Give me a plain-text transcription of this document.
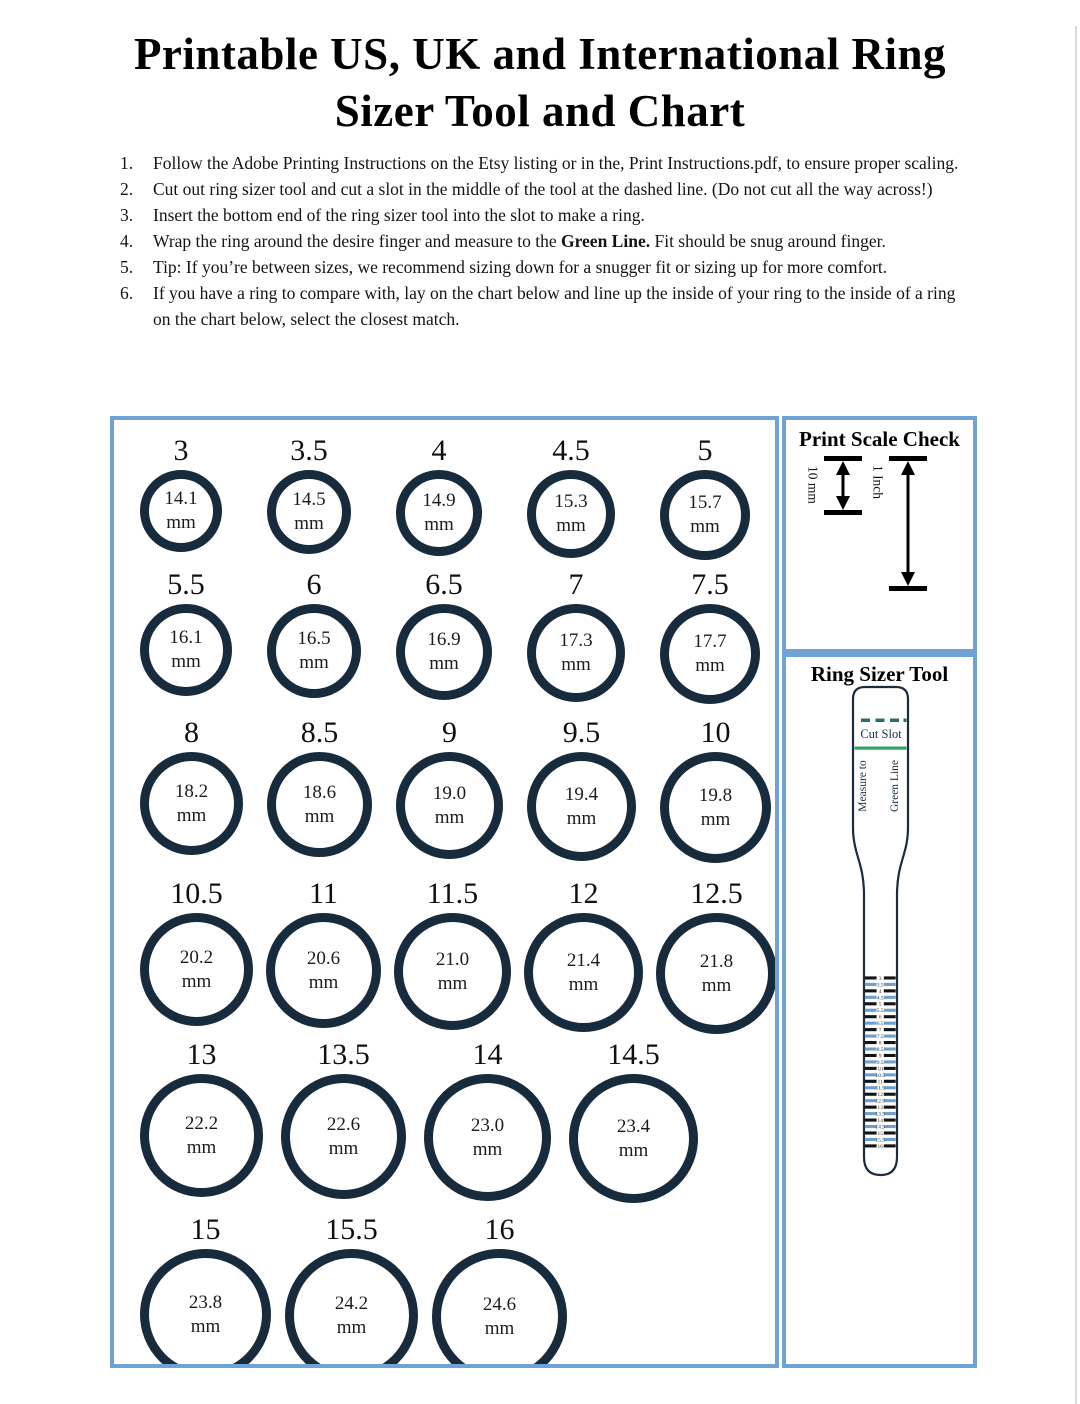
Printable US, UK and International Ring
Sizer Tool and Chart
1.	Follow the Adobe Printing Instructions on the Etsy listing or in the, Print Instructions.pdf, to ensure proper scaling.
2.	Cut out ring sizer tool and cut a slot in the middle of the tool at the dashed line. (Do not cut all the way across!)
3.	Insert the bottom end of the ring sizer tool into the slot to make a ring.
4.	Wrap the ring around the desire finger and measure to the Green Line. Fit should be snug around finger.
5.	Tip: If you’re between sizes, we recommend sizing down for a snugger fit or sizing up for more comfort.
6.	If you have a ring to compare with, lay on the chart below and line up the inside of your ring to the inside of a ring on the chart below, select the closest match.
3
14.1
mm
3.5
14.5
mm
4
14.9
mm
4.5
15.3
mm
5
15.7
mm
5.5
16.1
mm
6
16.5
mm
6.5
16.9
mm
7
17.3
mm
7.5
17.7
mm
8
18.2
mm
8.5
18.6
mm
9
19.0
mm
9.5
19.4
mm
10
19.8
mm
10.5
20.2
mm
11
20.6
mm
11.5
21.0
mm
12
21.4
mm
12.5
21.8
mm
13
22.2
mm
13.5
22.6
mm
14
23.0
mm
14.5
23.4
mm
15
23.8
mm
15.5
24.2
mm
16
24.6
mm
Print Scale Check
10 mm	1 Inch
Ring Sizer Tool
Cut Slot
Measure to Green Line
3
3.5
4
4.5
5
5.5
6
6.5
7
7.5
8
8.5
9
9.5
10
10.5
11
11.5
12
12.5
13
13.5
14
14.5
15
15.5
16
